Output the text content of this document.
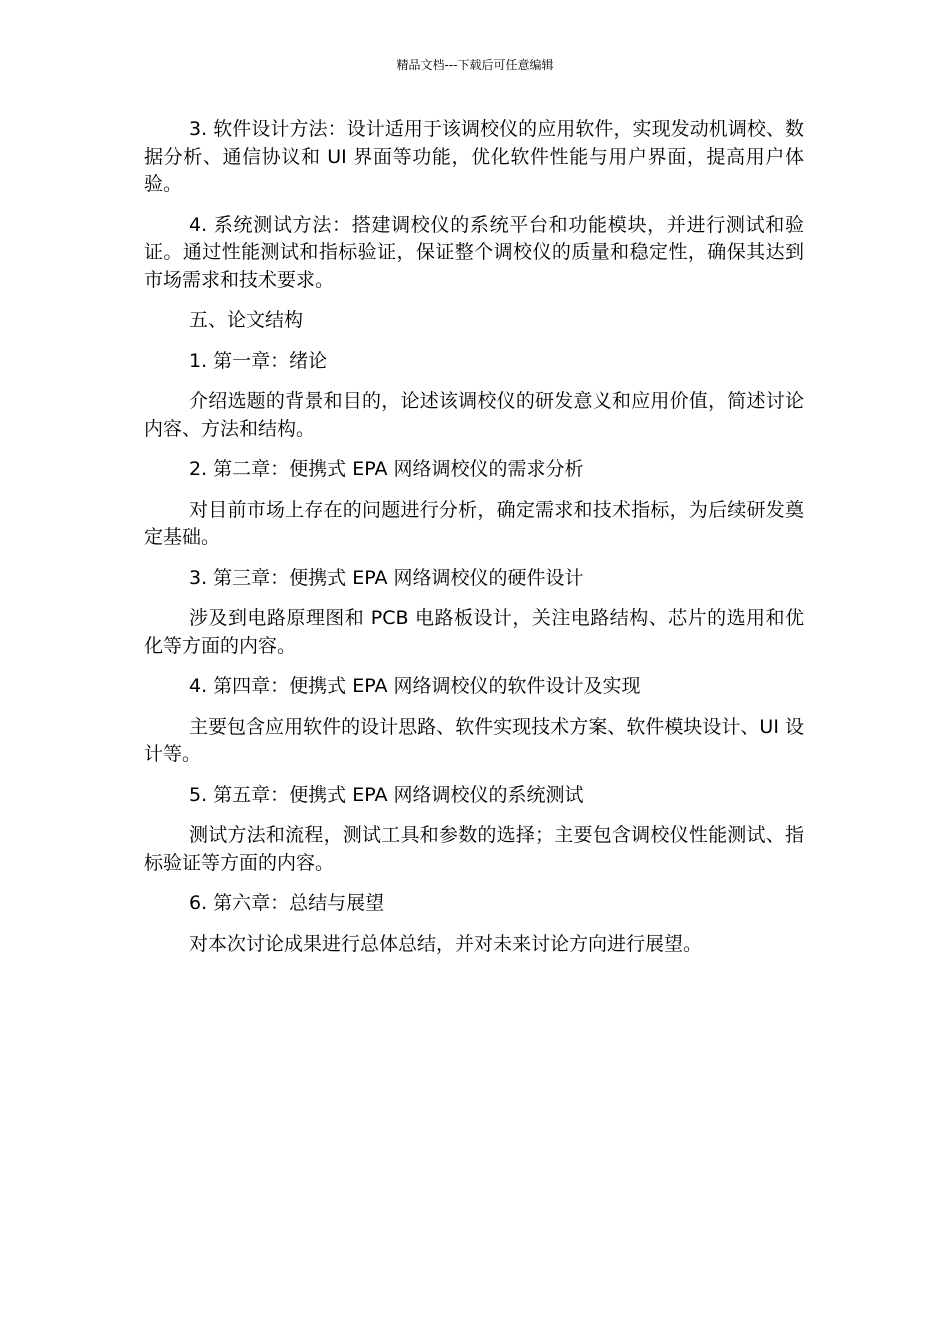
精品文档---下载后可任意编辑

3. 软件设计方法：设计适用于该调校仪的应用软件，实现发动机调校、数据分析、通信协议和 UI 界面等功能，优化软件性能与用户界面，提高用户体验。

4. 系统测试方法：搭建调校仪的系统平台和功能模块，并进行测试和验证。通过性能测试和指标验证，保证整个调校仪的质量和稳定性，确保其达到市场需求和技术要求。

五、论文结构

1. 第一章：绪论

介绍选题的背景和目的，论述该调校仪的研发意义和应用价值，简述讨论内容、方法和结构。

2. 第二章：便携式 EPA 网络调校仪的需求分析

对目前市场上存在的问题进行分析，确定需求和技术指标，为后续研发奠定基础。

3. 第三章：便携式 EPA 网络调校仪的硬件设计

涉及到电路原理图和 PCB 电路板设计，关注电路结构、芯片的选用和优化等方面的内容。

4. 第四章：便携式 EPA 网络调校仪的软件设计及实现

主要包含应用软件的设计思路、软件实现技术方案、软件模块设计、UI 设计等。

5. 第五章：便携式 EPA 网络调校仪的系统测试

测试方法和流程，测试工具和参数的选择；主要包含调校仪性能测试、指标验证等方面的内容。

6. 第六章：总结与展望

对本次讨论成果进行总体总结，并对未来讨论方向进行展望。
